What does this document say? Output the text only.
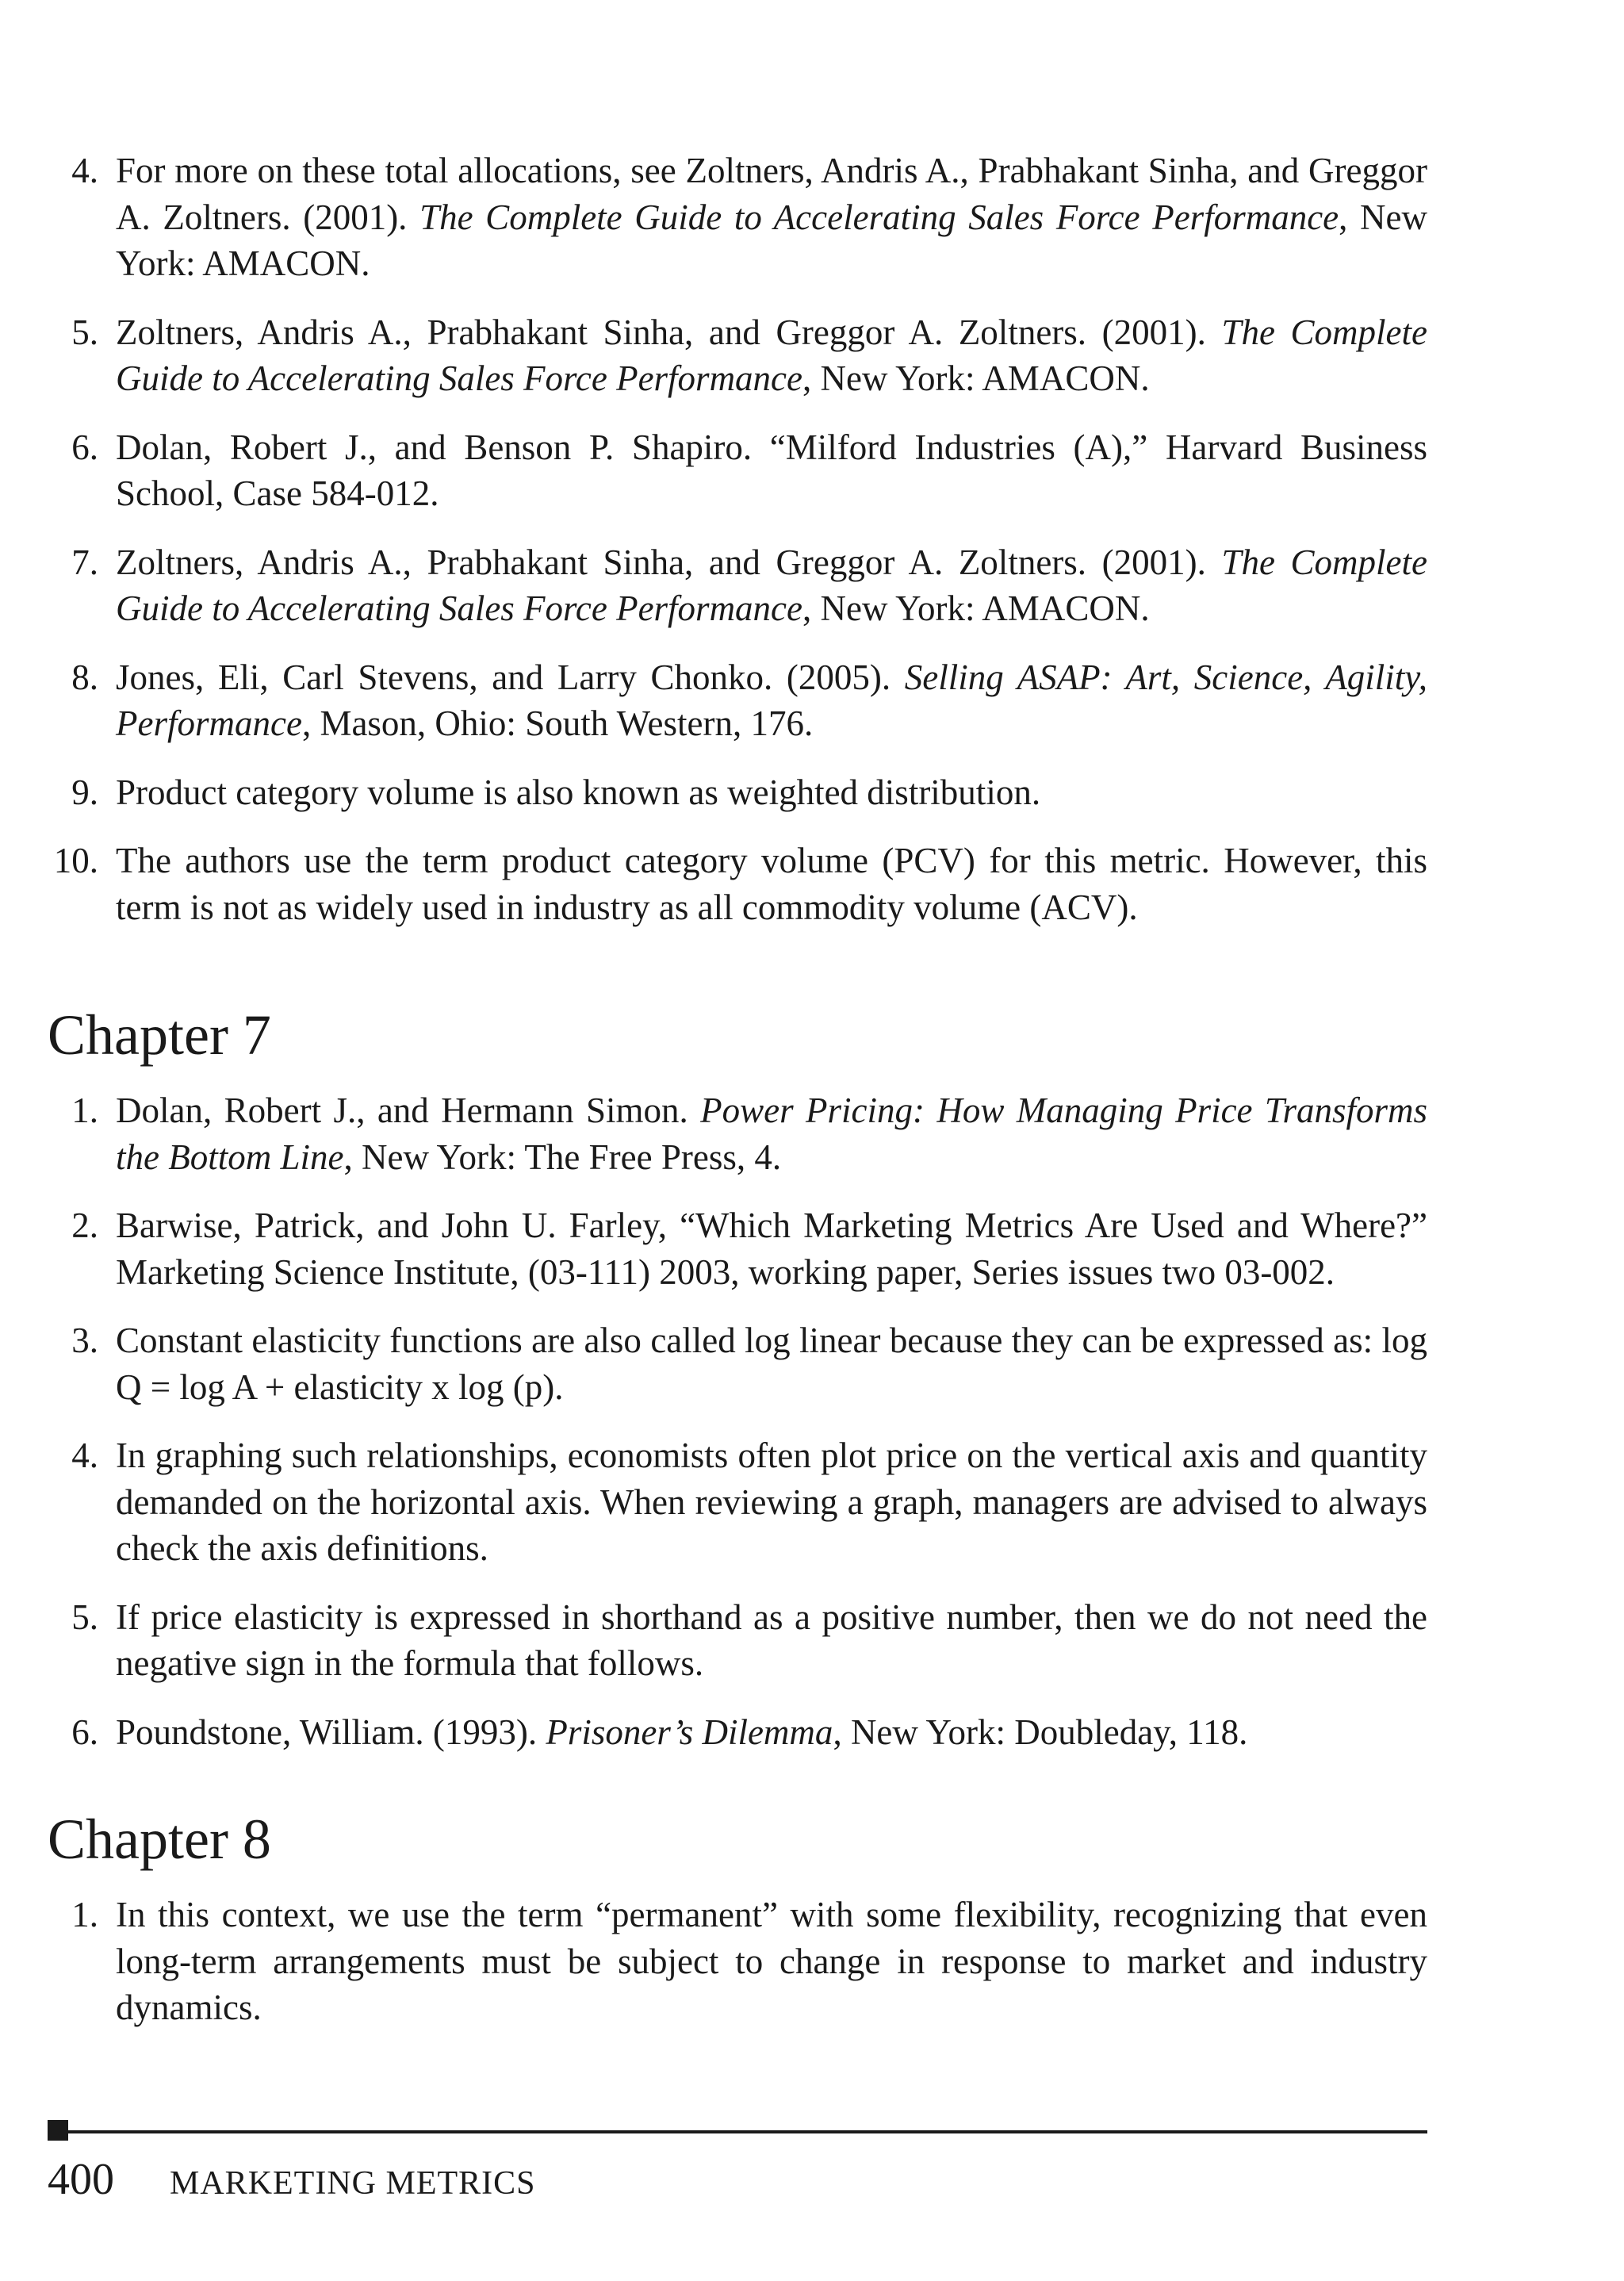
4. For more on these total allocations, see Zoltners, Andris A., Prabhakant Sinha, and Greggor A. Zoltners. (2001). The Complete Guide to Accelerating Sales Force Performance, New York: AMACON.
5. Zoltners, Andris A., Prabhakant Sinha, and Greggor A. Zoltners. (2001). The Complete Guide to Accelerating Sales Force Performance, New York: AMACON.
6. Dolan, Robert J., and Benson P. Shapiro. “Milford Industries (A),” Harvard Business School, Case 584-012.
7. Zoltners, Andris A., Prabhakant Sinha, and Greggor A. Zoltners. (2001). The Complete Guide to Accelerating Sales Force Performance, New York: AMACON.
8. Jones, Eli, Carl Stevens, and Larry Chonko. (2005). Selling ASAP: Art, Science, Agility, Performance, Mason, Ohio: South Western, 176.
9. Product category volume is also known as weighted distribution.
10. The authors use the term product category volume (PCV) for this metric. However, this term is not as widely used in industry as all commodity volume (ACV).
Chapter 7
1. Dolan, Robert J., and Hermann Simon. Power Pricing: How Managing Price Transforms the Bottom Line, New York: The Free Press, 4.
2. Barwise, Patrick, and John U. Farley, “Which Marketing Metrics Are Used and Where?” Marketing Science Institute, (03-111) 2003, working paper, Series issues two 03-002.
3. Constant elasticity functions are also called log linear because they can be expressed as: log Q = log A + elasticity x log (p).
4. In graphing such relationships, economists often plot price on the vertical axis and quantity demanded on the horizontal axis. When reviewing a graph, managers are advised to always check the axis definitions.
5. If price elasticity is expressed in shorthand as a positive number, then we do not need the negative sign in the formula that follows.
6. Poundstone, William. (1993). Prisoner’s Dilemma, New York: Doubleday, 118.
Chapter 8
1. In this context, we use the term “permanent” with some flexibility, recognizing that even long-term arrangements must be subject to change in response to market and industry dynamics.
400 MARKETING METRICS
